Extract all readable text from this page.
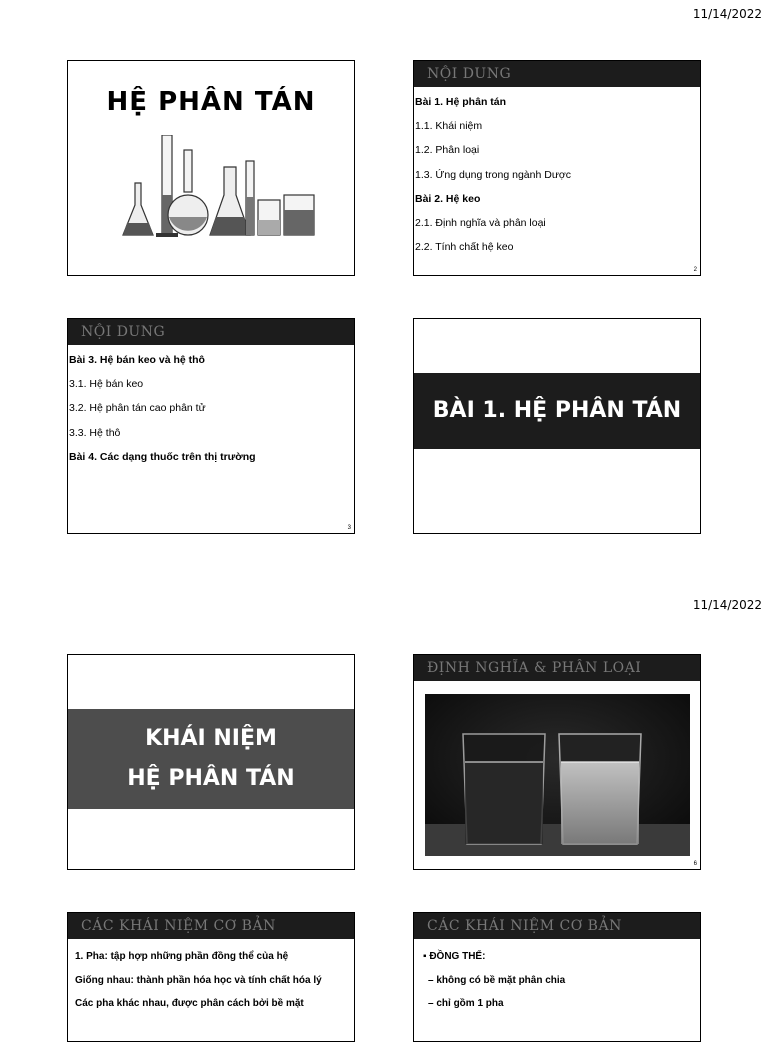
11/14/2022
HỆ PHÂN TÁN
NỘI DUNG
Bài 1. Hệ phân tán
1.1. Khái niệm
1.2. Phân loại
1.3. Ứng dụng trong ngành Dược
Bài 2. Hệ keo
2.1. Định nghĩa và phân loại
2.2. Tính chất hệ keo
2
NỘI DUNG
Bài 3. Hệ bán keo và hệ thô
3.1. Hệ bán keo
3.2. Hệ phân tán cao phân tử
3.3. Hệ thô
Bài 4. Các dạng thuốc trên thị trường
3
BÀI 1. HỆ PHÂN TÁN
11/14/2022
KHÁI NIỆM
HỆ PHÂN TÁN
ĐỊNH NGHĨA & PHÂN LOẠI
6
CÁC KHÁI NIỆM CƠ BẢN
1. Pha: tập hợp những phần đồng thể của hệ
Giống nhau: thành phần hóa học và tính chất hóa lý
Các pha khác nhau, được phân cách bởi bề mặt
CÁC KHÁI NIỆM CƠ BẢN
▪ ĐỒNG THỂ:
– không có bề mặt phân chia
– chỉ gồm 1 pha
